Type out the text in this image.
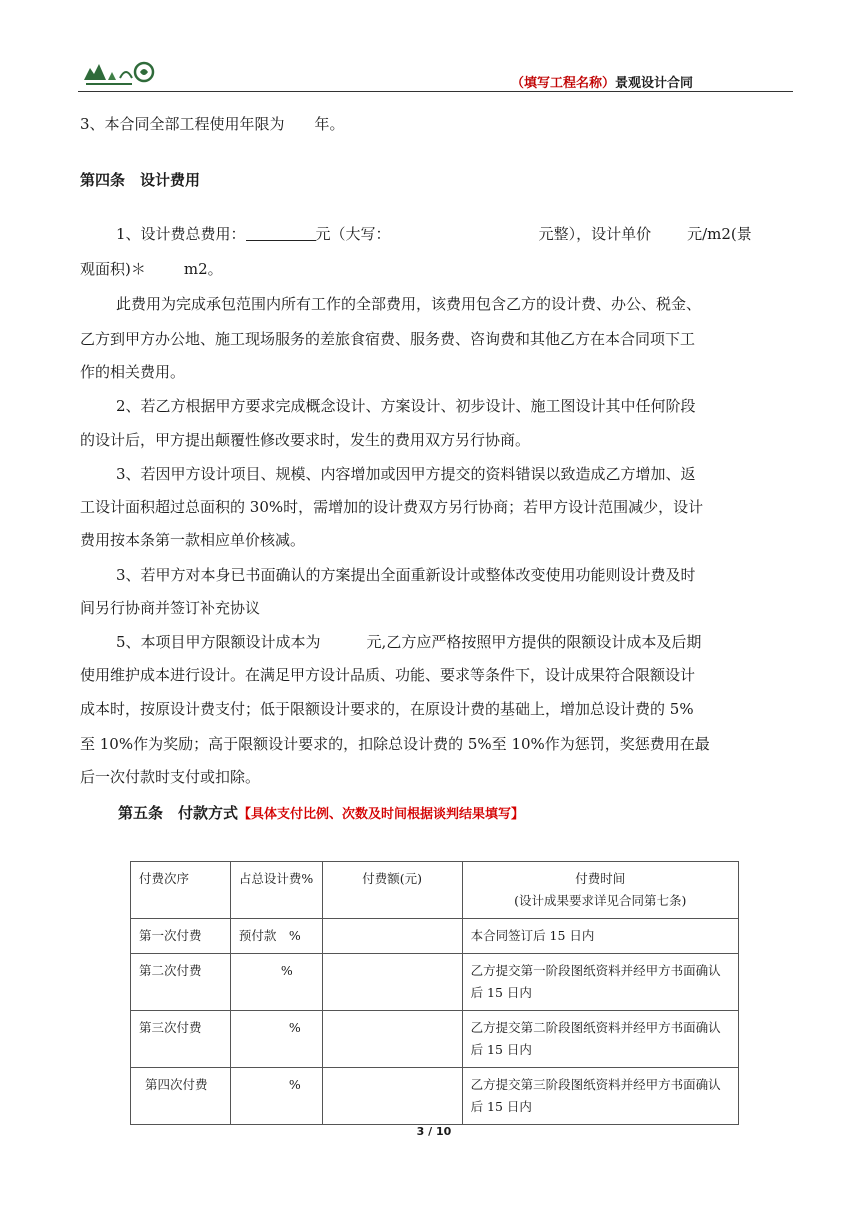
（填写工程名称）景观设计合同
3、本合同全部工程使用年限为 年。
第四条　设计费用
1、设计费总费用：	元（大写：	元整），设计单价 元/m2(景
观面积)＊	m2。
此费用为完成承包范围内所有工作的全部费用，该费用包含乙方的设计费、办公、税金、
乙方到甲方办公地、施工现场服务的差旅食宿费、服务费、咨询费和其他乙方在本合同项下工
作的相关费用。
2、若乙方根据甲方要求完成概念设计、方案设计、初步设计、施工图设计其中任何阶段
的设计后，甲方提出颠覆性修改要求时，发生的费用双方另行协商。
3、若因甲方设计项目、规模、内容增加或因甲方提交的资料错误以致造成乙方增加、返
工设计面积超过总面积的 30%时，需增加的设计费双方另行协商；若甲方设计范围减少，设计
费用按本条第一款相应单价核减。
3、若甲方对本身已书面确认的方案提出全面重新设计或整体改变使用功能则设计费及时
间另行协商并签订补充协议
5、本项目甲方限额设计成本为	元,乙方应严格按照甲方提供的限额设计成本及后期
使用维护成本进行设计。在满足甲方设计品质、功能、要求等条件下，设计成果符合限额设计
成本时，按原设计费支付；低于限额设计要求的，在原设计费的基础上，增加总设计费的 5%
至 10%作为奖励；高于限额设计要求的，扣除总设计费的 5%至 10%作为惩罚，奖惩费用在最
后一次付款时支付或扣除。
第五条　付款方式【具体支付比例、次数及时间根据谈判结果填写】
付费次序	占总设计费%	付费额(元)	付费时间
(设计成果要求详见合同第七条)

第一次付费	预付款　%		本合同签订后 15 日内
第二次付费	%		乙方提交第一阶段图纸资料并经甲方书面确认后 15 日内
第三次付费	%		乙方提交第二阶段图纸资料并经甲方书面确认后 15 日内
第四次付费	%		乙方提交第三阶段图纸资料并经甲方书面确认后 15 日内
3 / 10
